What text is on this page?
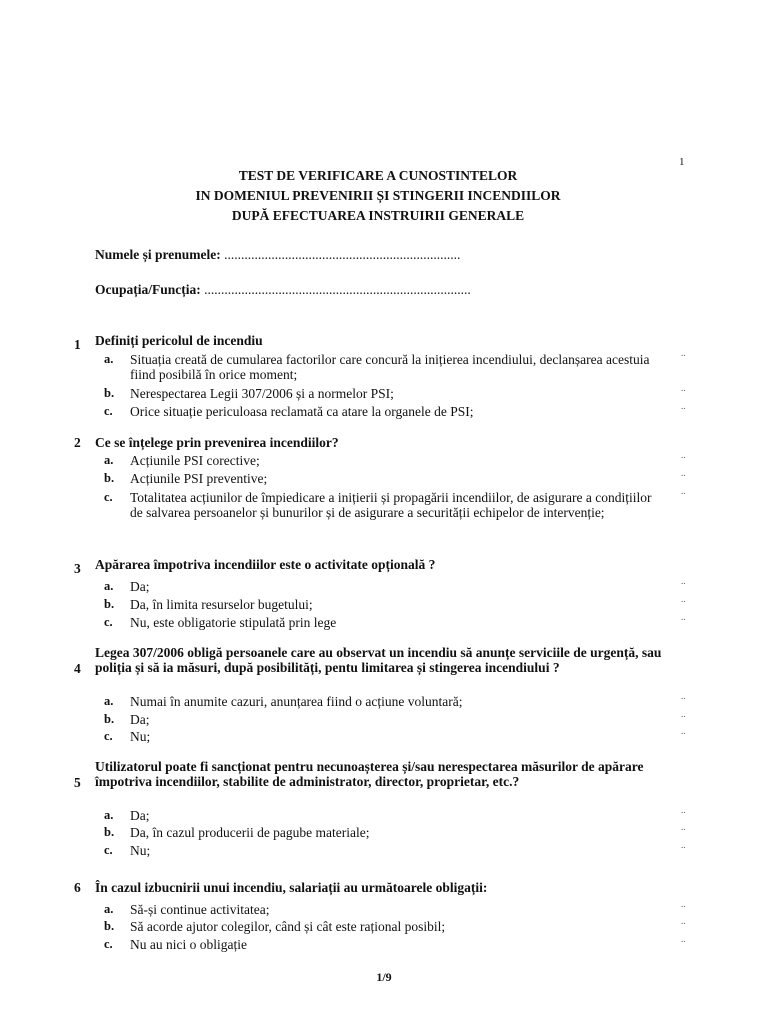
1
TEST DE VERIFICARE A CUNOSTINTELOR
IN DOMENIUL PREVENIRII ȘI STINGERII INCENDIILOR
DUPĂ EFECTUAREA INSTRUIRII GENERALE
Numele și prenumele: ......................................................................
Ocupația/Funcția: ...............................................................................
1 Definiți pericolul de incendiu
a. Situația creată de cumularea factorilor care concură la inițierea incendiului, declanșarea acestuia fiind posibilă în orice moment;
..
b. Nerespectarea Legii 307/2006 și a normelor PSI;	..
c. Orice situație periculoasa reclamată ca atare la organele de PSI;	..
2 Ce se înțelege prin prevenirea incendiilor?
a. Acțiunile PSI corective;	..
b. Acțiunile PSI preventive;	..
c. Totalitatea acțiunilor de împiedicare a inițierii și propagării incendiilor, de asigurare a condițiilor de salvarea persoanelor și bunurilor și de asigurare a securității echipelor de intervenție;
..
3 Apărarea împotriva incendiilor este o activitate opțională ?
a. Da;	..
b. Da, în limita resurselor bugetului;	..
c. Nu, este obligatorie stipulată prin lege	..
4
Legea 307/2006 obligă persoanele care au observat un incendiu să anunțe serviciile de urgență, sau poliția și să ia măsuri, după posibilități, pentu limitarea și stingerea incendiului ?
a. Numai în anumite cazuri, anunțarea fiind o acțiune voluntară;	..
b. Da;	..
c. Nu;	..
5
Utilizatorul poate fi sancționat pentru necunoașterea și/sau nerespectarea măsurilor de apărare împotriva incendiilor, stabilite de administrator, director, proprietar, etc.?
a. Da;	..
b. Da, în cazul producerii de pagube materiale;	..
c. Nu;	..
6 În cazul izbucnirii unui incendiu, salariații au următoarele obligații:
a. Să-și continue activitatea;	..
b. Să acorde ajutor colegilor, când și cât este rațional posibil;	..
c. Nu au nici o obligație	..
1/9
